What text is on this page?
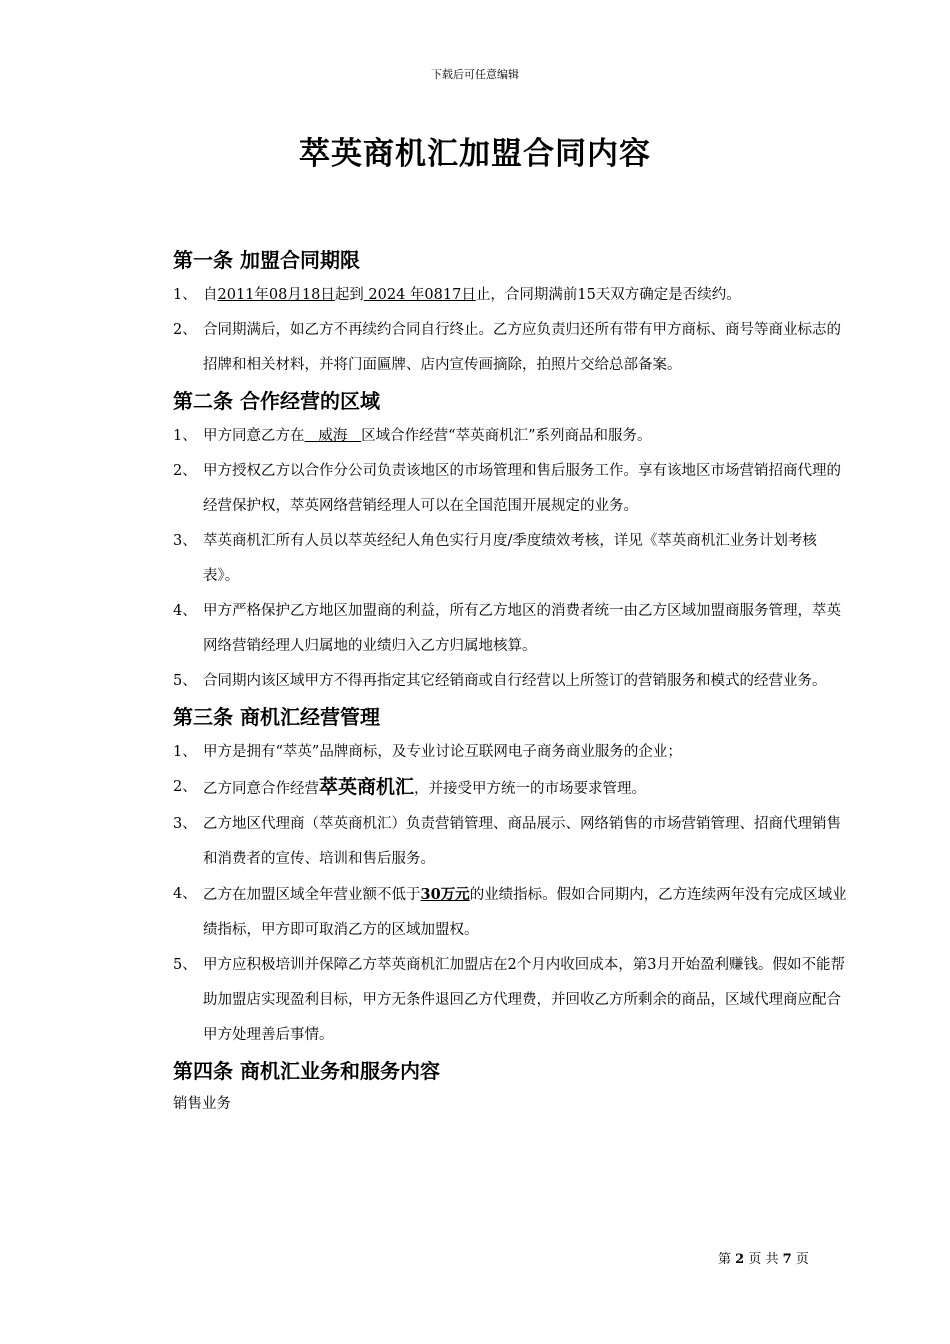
下载后可任意编辑
萃英商机汇加盟合同内容
第一条 加盟合同期限
1、 自2011年08月18日起到 2024 年0817日止，合同期满前15天双方确定是否续约。
2、 合同期满后，如乙方不再续约合同自行终止。乙方应负责归还所有带有甲方商标、商号等商业标志的招牌和相关材料，并将门面匾牌、店内宣传画摘除，拍照片交给总部备案。
第二条 合作经营的区域
1、 甲方同意乙方在   威海   区域合作经营“萃英商机汇”系列商品和服务。
2、 甲方授权乙方以合作分公司负责该地区的市场管理和售后服务工作。享有该地区市场营销招商代理的经营保护权，萃英网络营销经理人可以在全国范围开展规定的业务。
3、 萃英商机汇所有人员以萃英经纪人角色实行月度/季度绩效考核，详见《萃英商机汇业务计划考核表》。
4、 甲方严格保护乙方地区加盟商的利益，所有乙方地区的消费者统一由乙方区域加盟商服务管理，萃英网络营销经理人归属地的业绩归入乙方归属地核算。
5、 合同期内该区域甲方不得再指定其它经销商或自行经营以上所签订的营销服务和模式的经营业务。
第三条 商机汇经营管理
1、 甲方是拥有“萃英”品牌商标，及专业讨论互联网电子商务商业服务的企业；
2、 乙方同意合作经营萃英商机汇，并接受甲方统一的市场要求管理。
3、 乙方地区代理商（萃英商机汇）负责营销管理、商品展示、网络销售的市场营销管理、招商代理销售和消费者的宣传、培训和售后服务。
4、 乙方在加盟区域全年营业额不低于30万元的业绩指标。假如合同期内，乙方连续两年没有完成区域业绩指标，甲方即可取消乙方的区域加盟权。
5、 甲方应积极培训并保障乙方萃英商机汇加盟店在2个月内收回成本，第3月开始盈利赚钱。假如不能帮助加盟店实现盈利目标，甲方无条件退回乙方代理费，并回收乙方所剩余的商品，区域代理商应配合甲方处理善后事情。
第四条 商机汇业务和服务内容
销售业务
第 2 页 共 7 页
